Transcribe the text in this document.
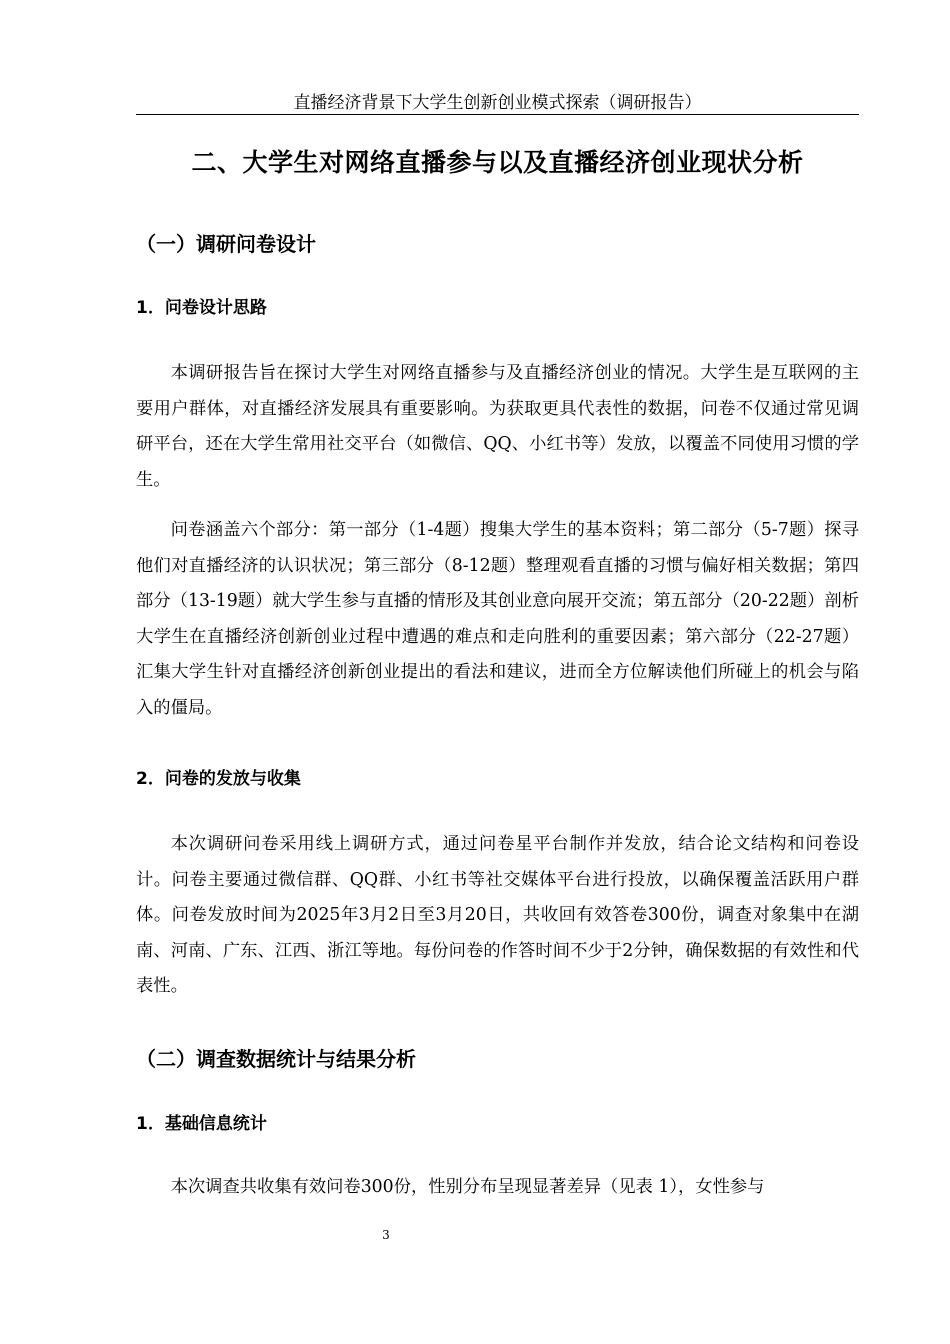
直播经济背景下大学生创新创业模式探索（调研报告）
二、大学生对网络直播参与以及直播经济创业现状分析
（一）调研问卷设计
1．问卷设计思路

本调研报告旨在探讨大学生对网络直播参与及直播经济创业的情况。大学生是互联网的主要用户群体，对直播经济发展具有重要影响。为获取更具代表性的数据，问卷不仅通过常见调研平台，还在大学生常用社交平台（如微信、QQ、小红书等）发放，以覆盖不同使用习惯的学生。

问卷涵盖六个部分：第一部分（1-4题）搜集大学生的基本资料；第二部分（5-7题）探寻他们对直播经济的认识状况；第三部分（8-12题）整理观看直播的习惯与偏好相关数据；第四部分（13-19题）就大学生参与直播的情形及其创业意向展开交流；第五部分（20-22题）剖析大学生在直播经济创新创业过程中遭遇的难点和走向胜利的重要因素；第六部分（22-27题）汇集大学生针对直播经济创新创业提出的看法和建议，进而全方位解读他们所碰上的机会与陷入的僵局。

2．问卷的发放与收集

本次调研问卷采用线上调研方式，通过问卷星平台制作并发放，结合论文结构和问卷设计。问卷主要通过微信群、QQ群、小红书等社交媒体平台进行投放，以确保覆盖活跃用户群体。问卷发放时间为2025年3月2日至3月20日，共收回有效答卷300份，调查对象集中在湖南、河南、广东、江西、浙江等地。每份问卷的作答时间不少于2分钟，确保数据的有效性和代表性。

（二）调查数据统计与结果分析
1．基础信息统计

本次调查共收集有效问卷300份，性别分布呈现显著差异（见表 1），女性参与

3
